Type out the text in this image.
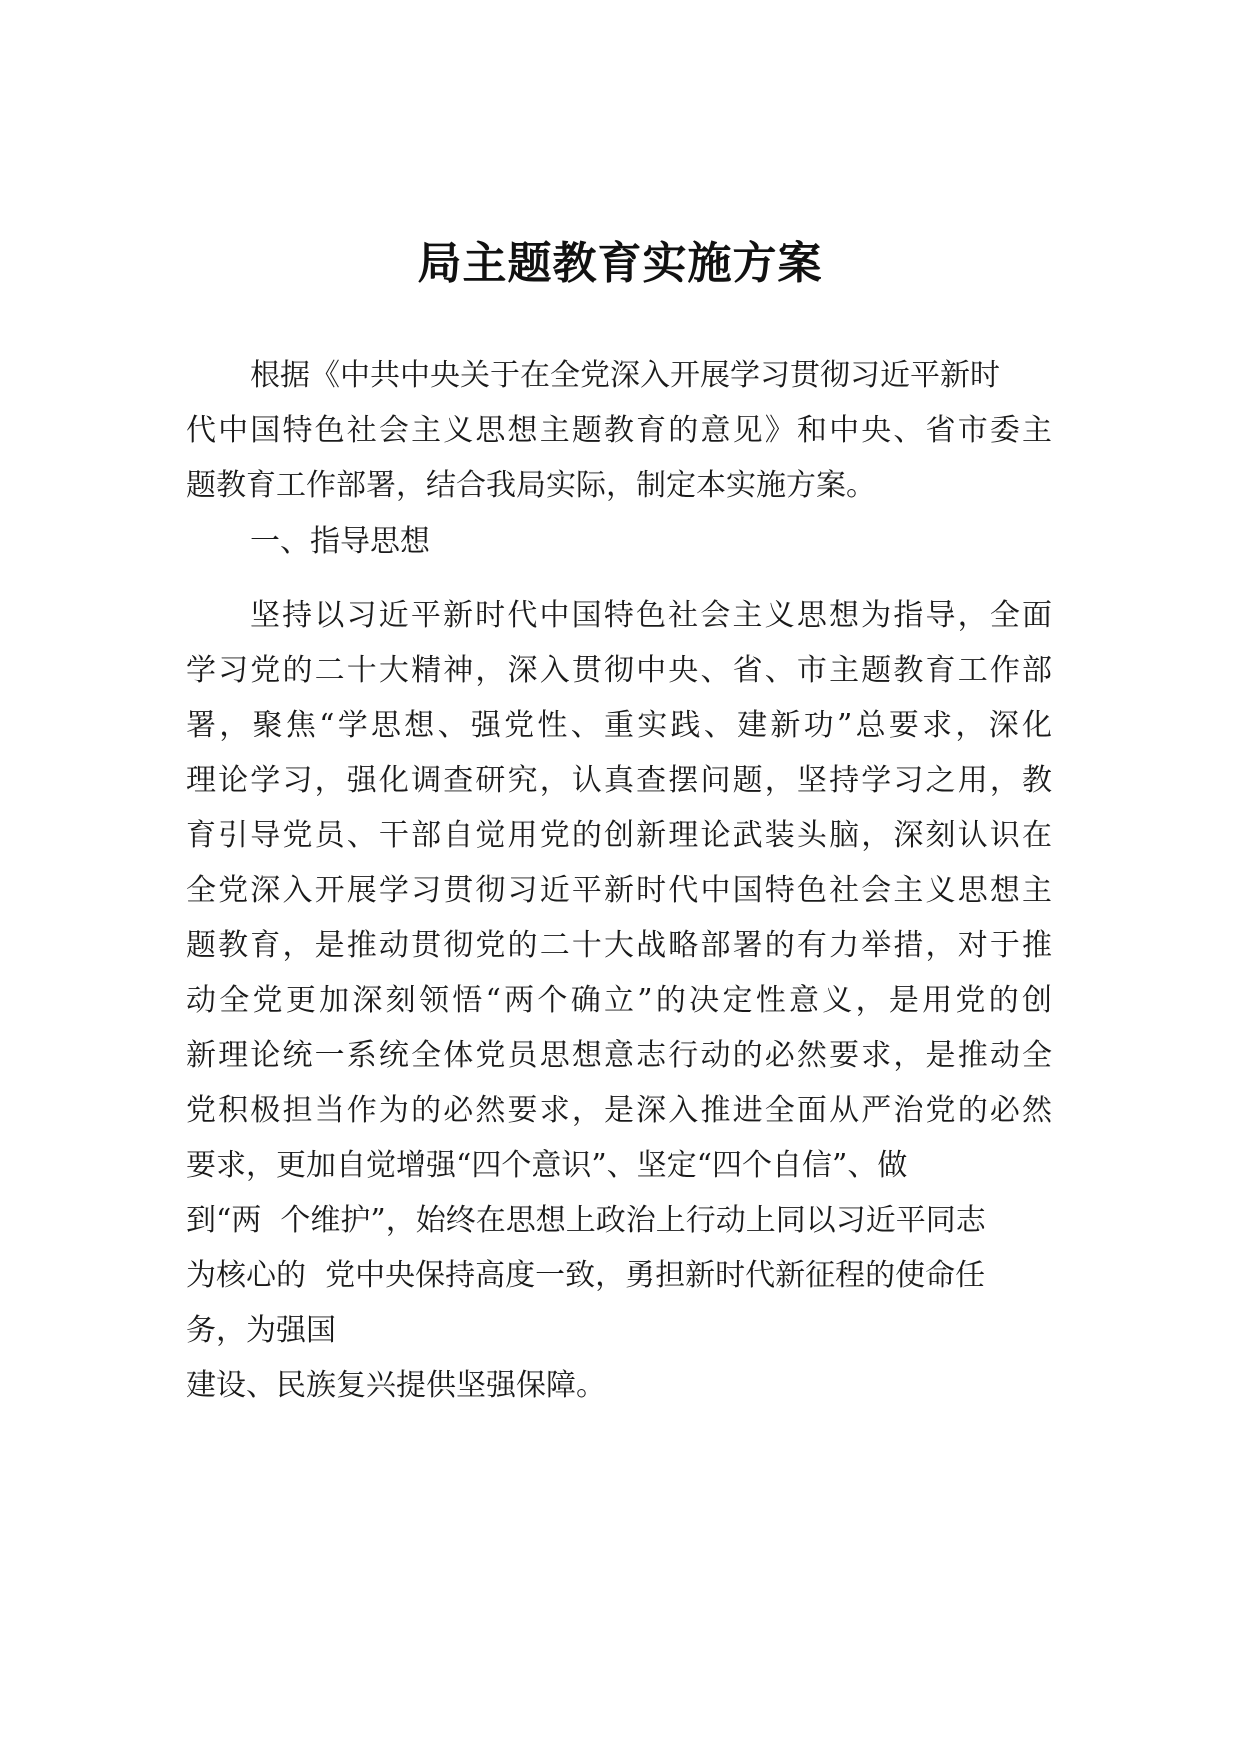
局主题教育实施方案
根据《中共中央关于在全党深入开展学习贯彻习近平新时
代中国特色社会主义思想主题教育的意见》和中央、省市委主
题教育工作部署，结合我局实际，制定本实施方案。
一、指导思想
坚持以习近平新时代中国特色社会主义思想为指导，全面
学习党的二十大精神，深入贯彻中央、省、市主题教育工作部
署，聚焦“学思想、强党性、重实践、建新功”总要求，深化
理论学习，强化调查研究，认真查摆问题，坚持学习之用，教
育引导党员、干部自觉用党的创新理论武装头脑，深刻认识在
全党深入开展学习贯彻习近平新时代中国特色社会主义思想主
题教育，是推动贯彻党的二十大战略部署的有力举措，对于推
动全党更加深刻领悟“两个确立”的决定性意义，是用党的创
新理论统一系统全体党员思想意志行动的必然要求，是推动全
党积极担当作为的必然要求，是深入推进全面从严治党的必然
要求，更加自觉增强“四个意识”、坚定“四个自信”、做
到“两  个维护”，始终在思想上政治上行动上同以习近平同志
为核心的  党中央保持高度一致，勇担新时代新征程的使命任
务，为强国
建设、民族复兴提供坚强保障。
